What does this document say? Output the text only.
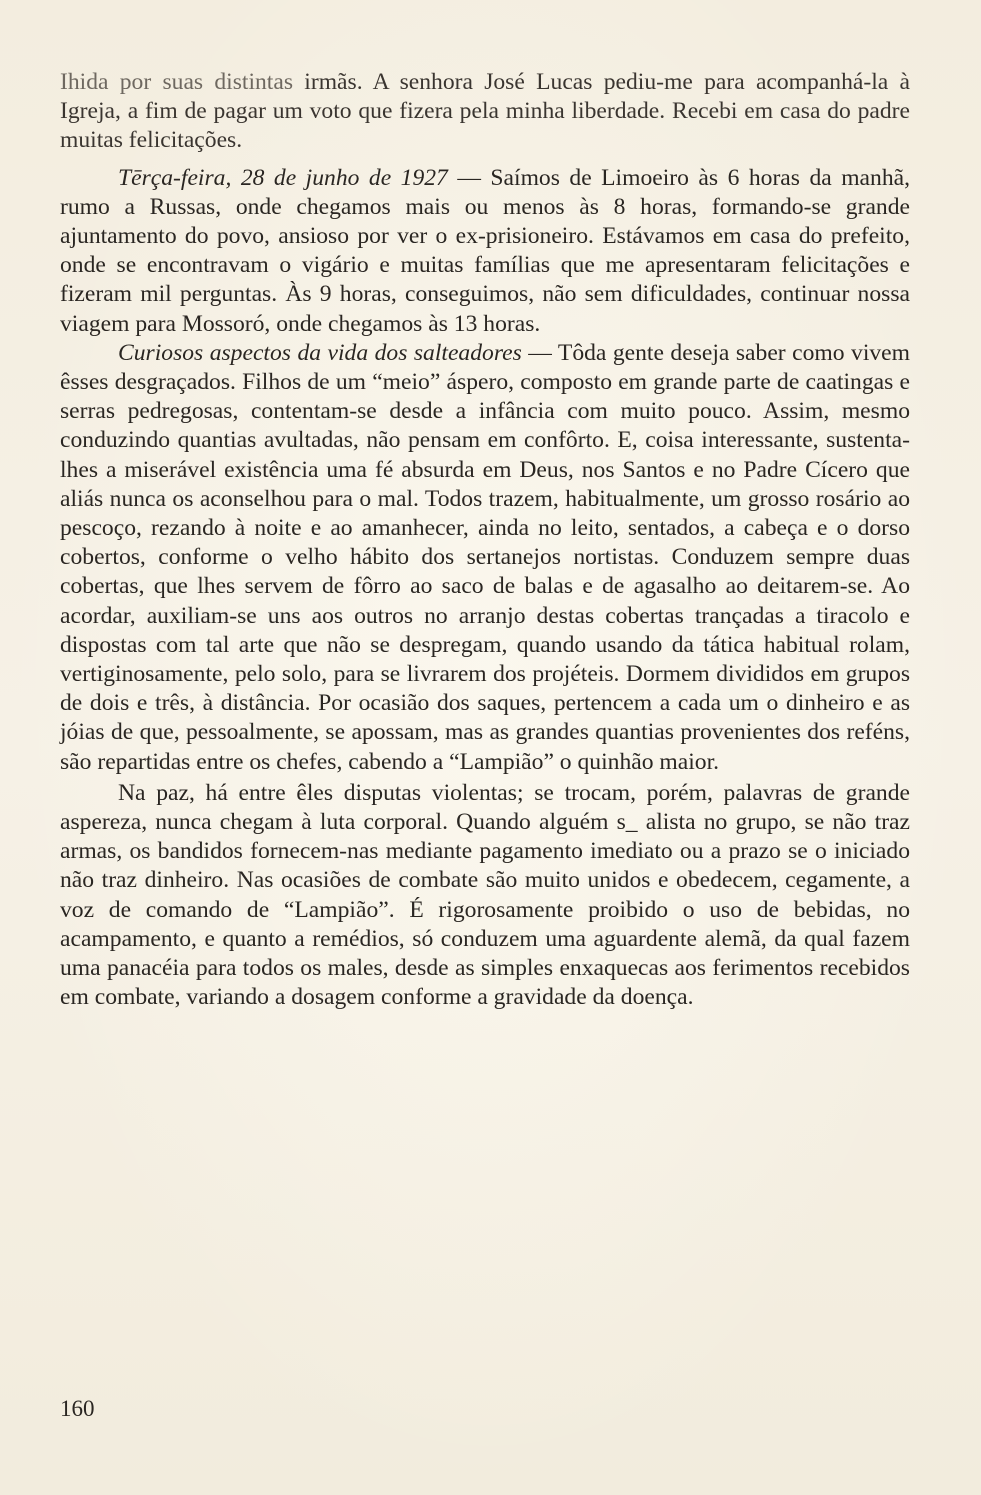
Ihida por suas distintas irmãs. A senhora José Lucas pediu-me para acompanhá-la à Igreja, a fim de pagar um voto que fizera pela minha liberdade. Recebi em casa do padre muitas felicitações.

Tērça-feira, 28 de junho de 1927 — Saímos de Limoeiro às 6 horas da manhã, rumo a Russas, onde chegamos mais ou menos às 8 horas, formando-se grande ajuntamento do povo, ansioso por ver o ex-prisioneiro. Estávamos em casa do prefeito, onde se encontravam o vigário e muitas famílias que me apresentaram felicitações e fizeram mil perguntas. Às 9 horas, conseguimos, não sem dificuldades, continuar nossa viagem para Mossoró, onde chegamos às 13 horas.

Curiosos aspectos da vida dos salteadores — Tôda gente deseja saber como vivem êsses desgraçados. Filhos de um “meio” áspero, composto em grande parte de caatingas e serras pedregosas, contentam-se desde a infância com muito pouco. Assim, mesmo conduzindo quantias avultadas, não pensam em confôrto. E, coisa interessante, sustenta-lhes a miserável existência uma fé absurda em Deus, nos Santos e no Padre Cícero que aliás nunca os aconselhou para o mal. Todos trazem, habitualmente, um grosso rosário ao pescoço, rezando à noite e ao amanhecer, ainda no leito, sentados, a cabeça e o dorso cobertos, conforme o velho hábito dos sertanejos nortistas. Conduzem sempre duas cobertas, que lhes servem de fôrro ao saco de balas e de agasalho ao deitarem-se. Ao acordar, auxiliam-se uns aos outros no arranjo destas cobertas trançadas a tiracolo e dispostas com tal arte que não se despregam, quando usando da tática habitual rolam, vertiginosamente, pelo solo, para se livrarem dos projéteis. Dormem divididos em grupos de dois e três, à distância. Por ocasião dos saques, pertencem a cada um o dinheiro e as jóias de que, pessoalmente, se apossam, mas as grandes quantias provenientes dos reféns, são repartidas entre os chefes, cabendo a “Lampião” o quinhão maior.

Na paz, há entre êles disputas violentas; se trocam, porém, palavras de grande aspereza, nunca chegam à luta corporal. Quando alguém s_ alista no grupo, se não traz armas, os bandidos fornecem-nas mediante pagamento imediato ou a prazo se o iniciado não traz dinheiro. Nas ocasiões de combate são muito unidos e obedecem, cegamente, a voz de comando de “Lampião”. É rigorosamente proibido o uso de bebidas, no acampamento, e quanto a remédios, só conduzem uma aguardente alemã, da qual fazem uma panacéia para todos os males, desde as simples enxaquecas aos ferimentos recebidos em combate, variando a dosagem conforme a gravidade da doença.

160
